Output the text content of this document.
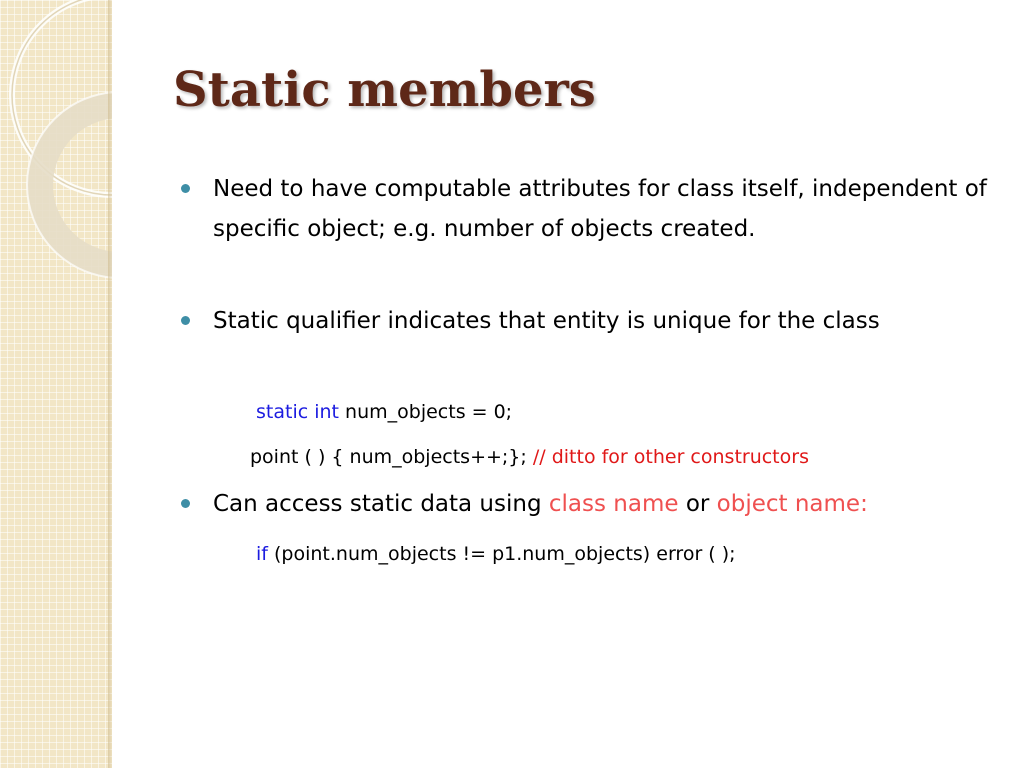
Static members
Need to have computable attributes for class itself, independent of specific object; e.g. number of objects created.
Static qualifier indicates that entity is unique for the class
static int num_objects = 0;
point ( ) { num_objects++;}; // ditto for other constructors
Can access static data using class name or object name:
if (point.num_objects != p1.num_objects) error ( );
